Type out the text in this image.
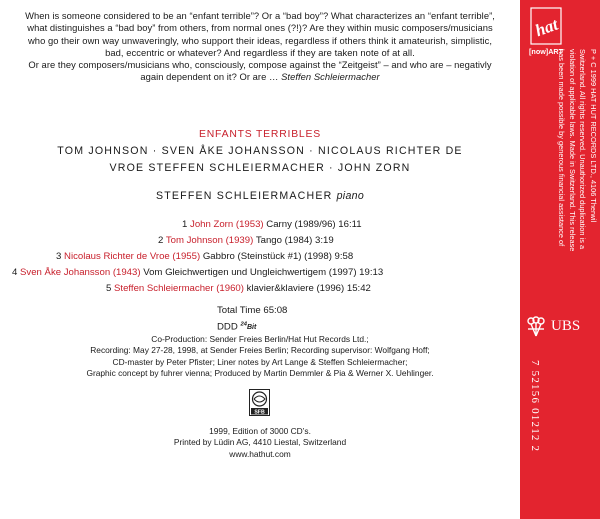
When is someone considered to be an “enfant terrible”? Or a “bad boy”? What characterizes an “enfant terrible”, what distinguishes a “bad boy” from others, from normal ones (?!)? Are they within music composers/musicians who go their own way unwaveringly, who support their ideas, regardless if others think it amateurish, simplistic, bad, eccentric or whatever? And regardless if they are taken note of at all.

Or are they composers/musicians who, consciously, compose against the “Zeitgeist” – and who are – negativly again dependent on it? Or are … Steffen Schleiermacher

ENFANTS TERRIBLES
TOM JOHNSON · SVEN ÅKE JOHANSSON · NICOLAUS RICHTER DE
VROE STEFFEN SCHLEIERMACHER · JOHN ZORN
STEFFEN SCHLEIERMACHER piano
1 John Zorn (1953) Carny (1989/96) 16:11
2 Tom Johnson (1939) Tango (1984) 3:19
3 Nicolaus Richter de Vroe (1955) Gabbro (Steinstück #1) (1998) 9:58
4 Sven Åke Johansson (1943) Vom Gleichwertigen und Ungleichwertigem (1997) 19:13
5 Steffen Schleiermacher (1960) klavier&klaviere (1996) 15:42
Total Time 65:08
DDD $^{24}$Bit

Co-Production: Sender Freies Berlin/Hat Hut Records Ltd.;

Recording: May 27-28, 1998, at Sender Freies Berlin; Recording supervisor: Wolfgang Hoff;

CD-master by Peter Pfister; Liner notes by Art Lange & Steffen Schleiermacher;

Graphic concept by fuhrer vienna; Produced by Martin Demmler & Pia & Werner X. Uehlinger.

SFB

1999, Edition of 3000 CD’s.

Printed by Lüdin AG, 4410 Liestal, Switzerland

www.hathut.com

hat
[now]ART	P + C 1999 HAT HUT RECORDS LTD., 4106 Therwil

Switzerland. All rights reserved. Unauthorized duplication is a

violation of applicable laws. Made in Switzerland. This release

has been made possible by generous financial assistance of

UBS
7 52156 01212 2
